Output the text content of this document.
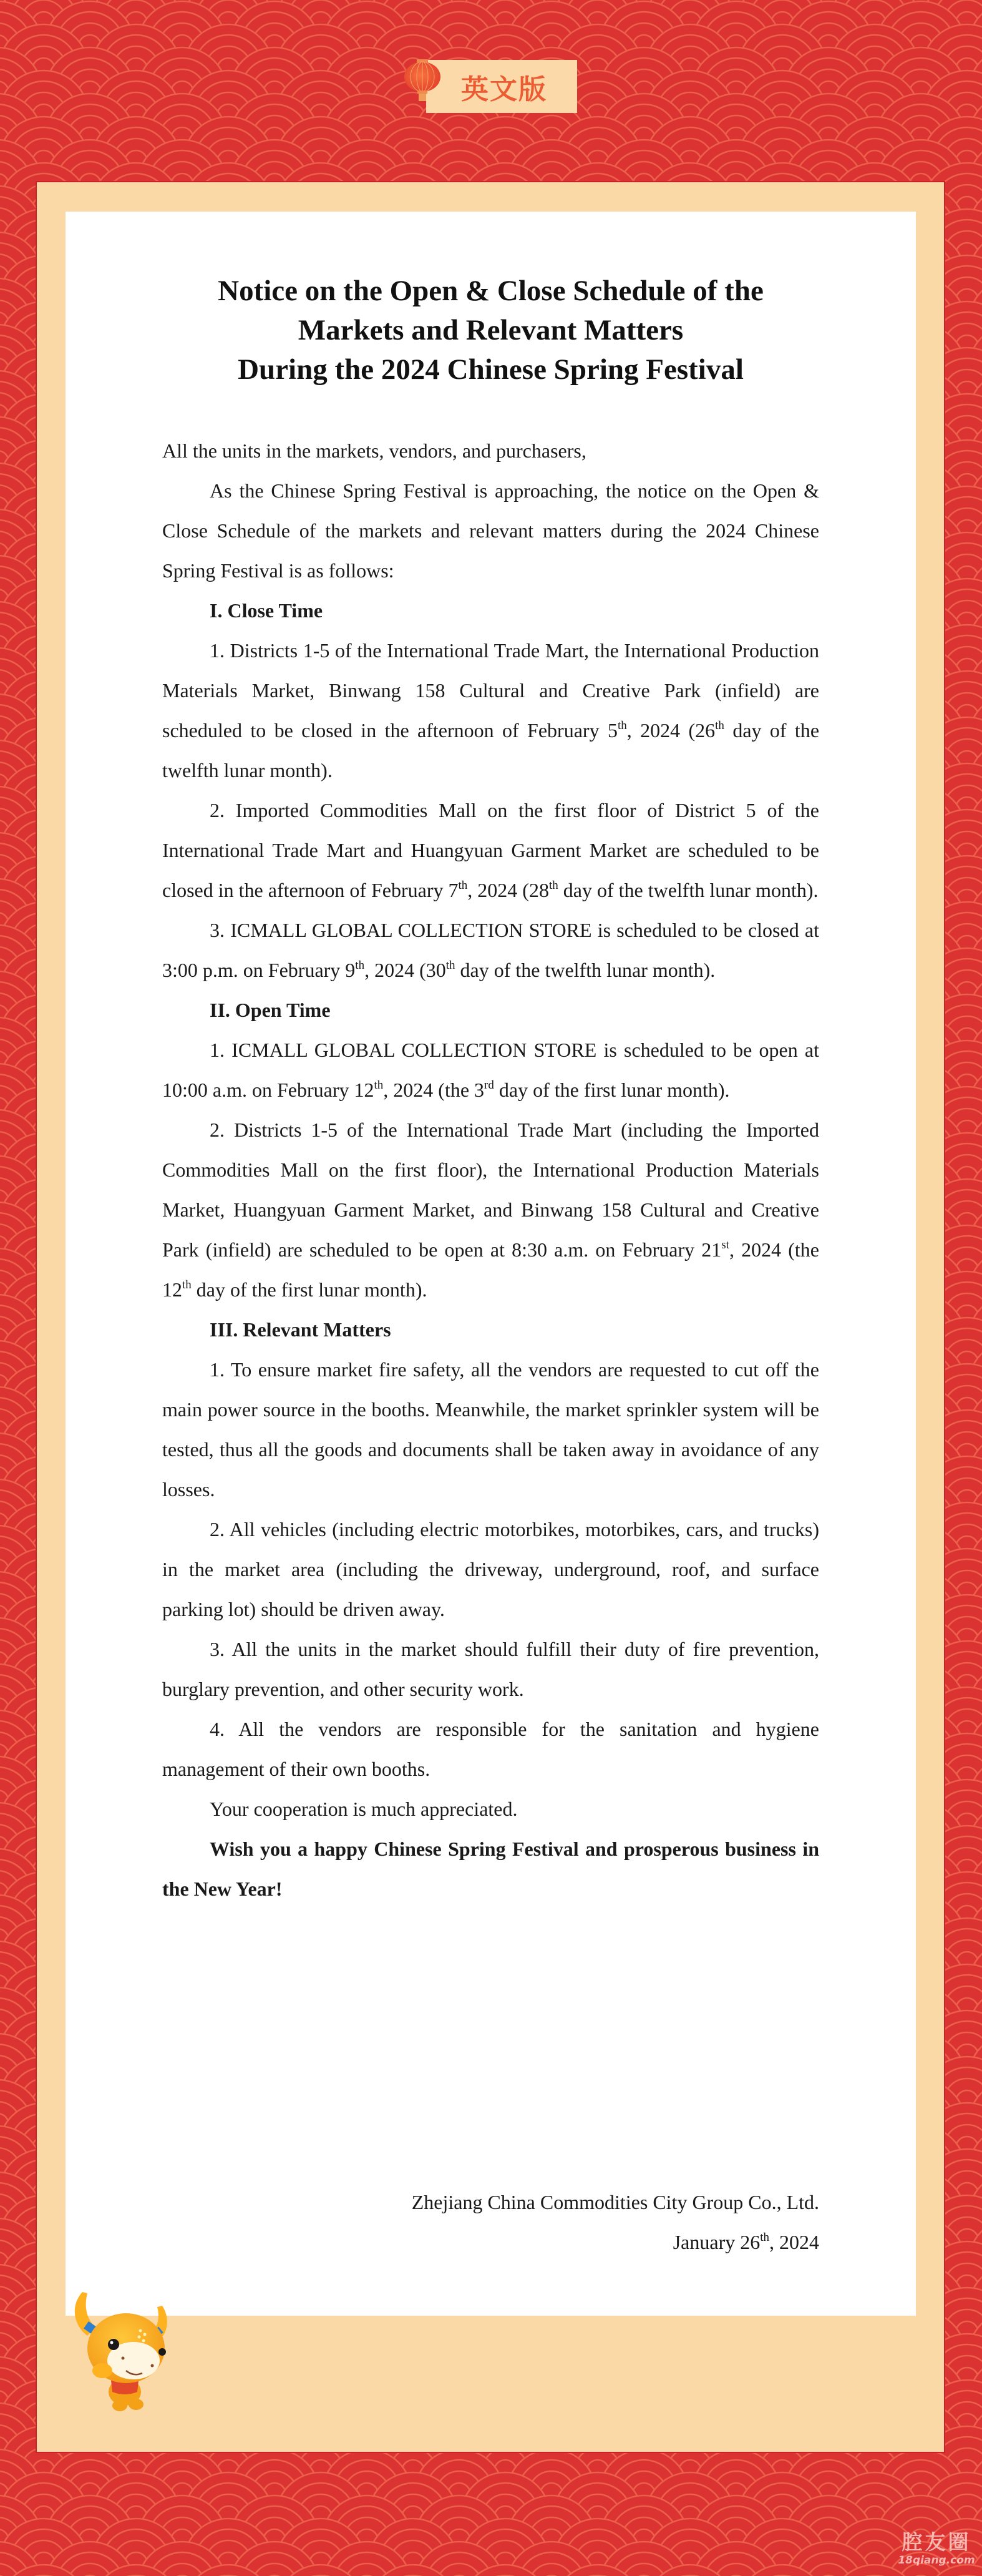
英文版
Notice on the Open & Close Schedule of the
Markets and Relevant Matters
During the 2024 Chinese Spring Festival

All the units in the markets, vendors, and purchasers,

As the Chinese Spring Festival is approaching, the notice on the Open & Close Schedule of the markets and relevant matters during the 2024 Chinese Spring Festival is as follows:

I. Close Time

1. Districts 1-5 of the International Trade Mart, the International Production Materials Market, Binwang 158 Cultural and Creative Park (infield) are scheduled to be closed in the afternoon of February 5th, 2024 (26th day of the twelfth lunar month).

2. Imported Commodities Mall on the first floor of District 5 of the International Trade Mart and Huangyuan Garment Market are scheduled to be closed in the afternoon of February 7th, 2024 (28th day of the twelfth lunar month).

3. ICMALL GLOBAL COLLECTION STORE is scheduled to be closed at 3:00 p.m. on February 9th, 2024 (30th day of the twelfth lunar month).

II. Open Time

1. ICMALL GLOBAL COLLECTION STORE is scheduled to be open at 10:00 a.m. on February 12th, 2024 (the 3rd day of the first lunar month).

2. Districts 1-5 of the International Trade Mart (including the Imported Commodities Mall on the first floor), the International Production Materials Market, Huangyuan Garment Market, and Binwang 158 Cultural and Creative Park (infield) are scheduled to be open at 8:30 a.m. on February 21st, 2024 (the 12th day of the first lunar month).

III. Relevant Matters

1. To ensure market fire safety, all the vendors are requested to cut off the main power source in the booths. Meanwhile, the market sprinkler system will be tested, thus all the goods and documents shall be taken away in avoidance of any losses.

2. All vehicles (including electric motorbikes, motorbikes, cars, and trucks) in the market area (including the driveway, underground, roof, and surface parking lot) should be driven away.

3. All the units in the market should fulfill their duty of fire prevention, burglary prevention, and other security work.

4. All the vendors are responsible for the sanitation and hygiene management of their own booths.

Your cooperation is much appreciated.

Wish you a happy Chinese Spring Festival and prosperous business in the New Year!

Zhejiang China Commodities City Group Co., Ltd.
January 26th, 2024
腔友圈
18qiang.com
